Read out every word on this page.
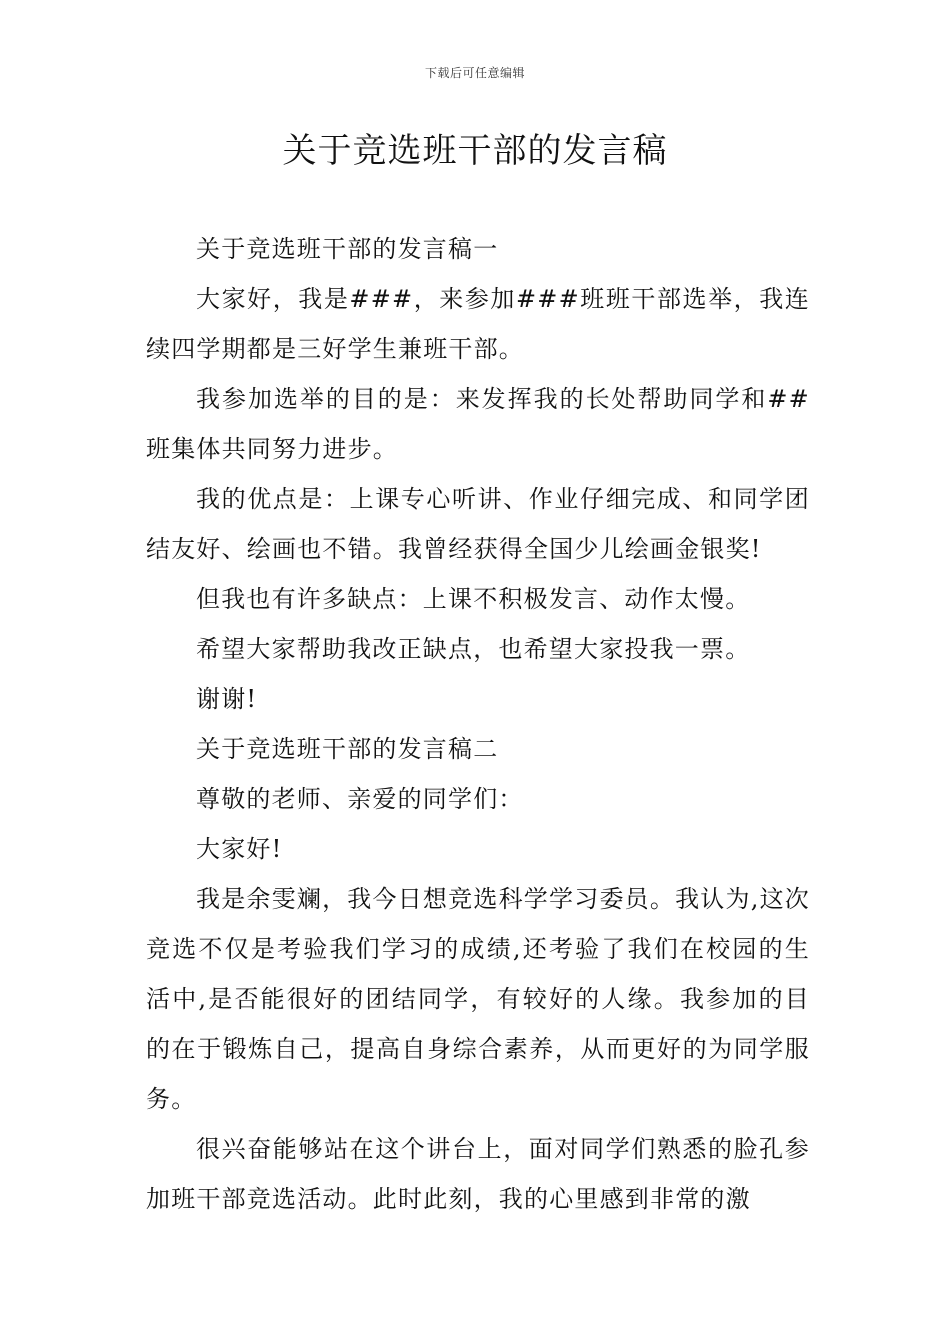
下载后可任意编辑
关于竞选班干部的发言稿

关于竞选班干部的发言稿一

大家好，我是###，来参加###班班干部选举，我连续四学期都是三好学生兼班干部。

我参加选举的目的是：来发挥我的长处帮助同学和##班集体共同努力进步。

我的优点是：上课专心听讲、作业仔细完成、和同学团结友好、绘画也不错。我曾经获得全国少儿绘画金银奖!

但我也有许多缺点：上课不积极发言、动作太慢。

希望大家帮助我改正缺点，也希望大家投我一票。

谢谢!

关于竞选班干部的发言稿二

尊敬的老师、亲爱的同学们：

大家好!

我是余雯斓，我今日想竞选科学学习委员。我认为,这次竞选不仅是考验我们学习的成绩,还考验了我们在校园的生活中,是否能很好的团结同学，有较好的人缘。我参加的目的在于锻炼自己，提高自身综合素养，从而更好的为同学服务。

很兴奋能够站在这个讲台上，面对同学们熟悉的脸孔参加班干部竞选活动。此时此刻，我的心里感到非常的激
